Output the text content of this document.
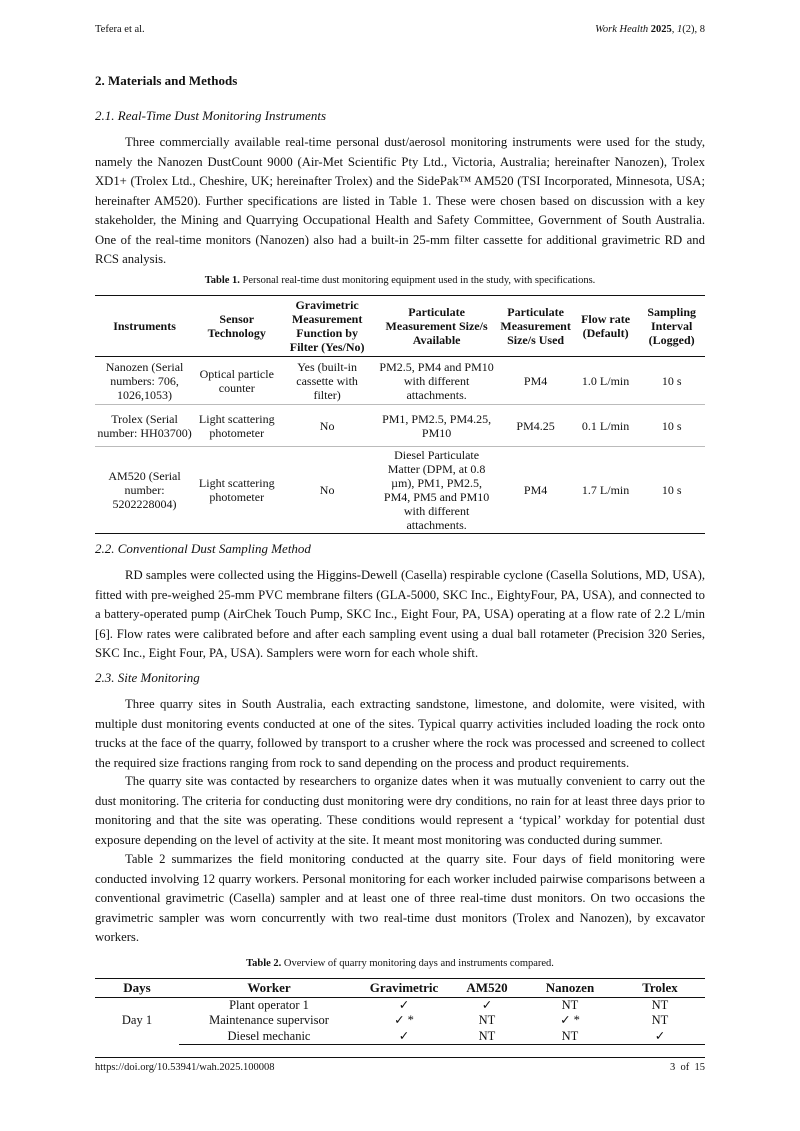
Tefera et al.	Work Health 2025, 1(2), 8
2. Materials and Methods
2.1. Real-Time Dust Monitoring Instruments

Three commercially available real-time personal dust/aerosol monitoring instruments were used for the study, namely the Nanozen DustCount 9000 (Air-Met Scientific Pty Ltd., Victoria, Australia; hereinafter Nanozen), Trolex XD1+ (Trolex Ltd., Cheshire, UK; hereinafter Trolex) and the SidePak™ AM520 (TSI Incorporated, Minnesota, USA; hereinafter AM520). Further specifications are listed in Table 1. These were chosen based on discussion with a key stakeholder, the Mining and Quarrying Occupational Health and Safety Committee, Government of South Australia. One of the real-time monitors (Nanozen) also had a built-in 25-mm filter cassette for additional gravimetric RD and RCS analysis.

Table 1. Personal real-time dust monitoring equipment used in the study, with specifications.
Instruments	Sensor Technology	Gravimetric Measurement Function by Filter (Yes/No)	Particulate Measurement Size/s Available	Particulate Measurement Size/s Used	Flow rate (Default)	Sampling Interval (Logged)
Nanozen (Serial numbers: 706, 1026,1053)	Optical particle counter	Yes (built-in cassette with filter)	PM2.5, PM4 and PM10 with different attachments.	PM4	1.0 L/min	10 s
Trolex (Serial number: HH03700)	Light scattering photometer	No	PM1, PM2.5, PM4.25, PM10	PM4.25	0.1 L/min	10 s
AM520 (Serial number: 5202228004)	Light scattering photometer	No	Diesel Particulate Matter (DPM, at 0.8 µm), PM1, PM2.5, PM4, PM5 and PM10 with different attachments.	PM4	1.7 L/min	10 s
2.2. Conventional Dust Sampling Method

RD samples were collected using the Higgins-Dewell (Casella) respirable cyclone (Casella Solutions, MD, USA), fitted with pre-weighed 25-mm PVC membrane filters (GLA-5000, SKC Inc., EightyFour, PA, USA), and connected to a battery-operated pump (AirChek Touch Pump, SKC Inc., Eight Four, PA, USA) operating at a flow rate of 2.2 L/min [6]. Flow rates were calibrated before and after each sampling event using a dual ball rotameter (Precision 320 Series, SKC Inc., Eight Four, PA, USA). Samplers were worn for each whole shift.

2.3. Site Monitoring

Three quarry sites in South Australia, each extracting sandstone, limestone, and dolomite, were visited, with multiple dust monitoring events conducted at one of the sites. Typical quarry activities included loading the rock onto trucks at the face of the quarry, followed by transport to a crusher where the rock was processed and screened to collect the required size fractions ranging from rock to sand depending on the process and product requirements.

The quarry site was contacted by researchers to organize dates when it was mutually convenient to carry out the dust monitoring. The criteria for conducting dust monitoring were dry conditions, no rain for at least three days prior to monitoring and that the site was operating. These conditions would represent a ‘typical’ workday for potential dust exposure depending on the level of activity at the site. It meant most monitoring was conducted during summer.

Table 2 summarizes the field monitoring conducted at the quarry site. Four days of field monitoring were conducted involving 12 quarry workers. Personal monitoring for each worker included pairwise comparisons between a conventional gravimetric (Casella) sampler and at least one of three real-time dust monitors. On two occasions the gravimetric sampler was worn concurrently with two real-time dust monitors (Trolex and Nanozen), by excavator workers.

Table 2. Overview of quarry monitoring days and instruments compared.
Days	Worker	Gravimetric	AM520	Nanozen	Trolex
Day 1	Plant operator 1	✓	✓	NT	NT
	Maintenance supervisor	✓ *	NT	✓ *	NT
	Diesel mechanic	✓	NT	NT	✓
https://doi.org/10.53941/wah.2025.100008	3  of  15
